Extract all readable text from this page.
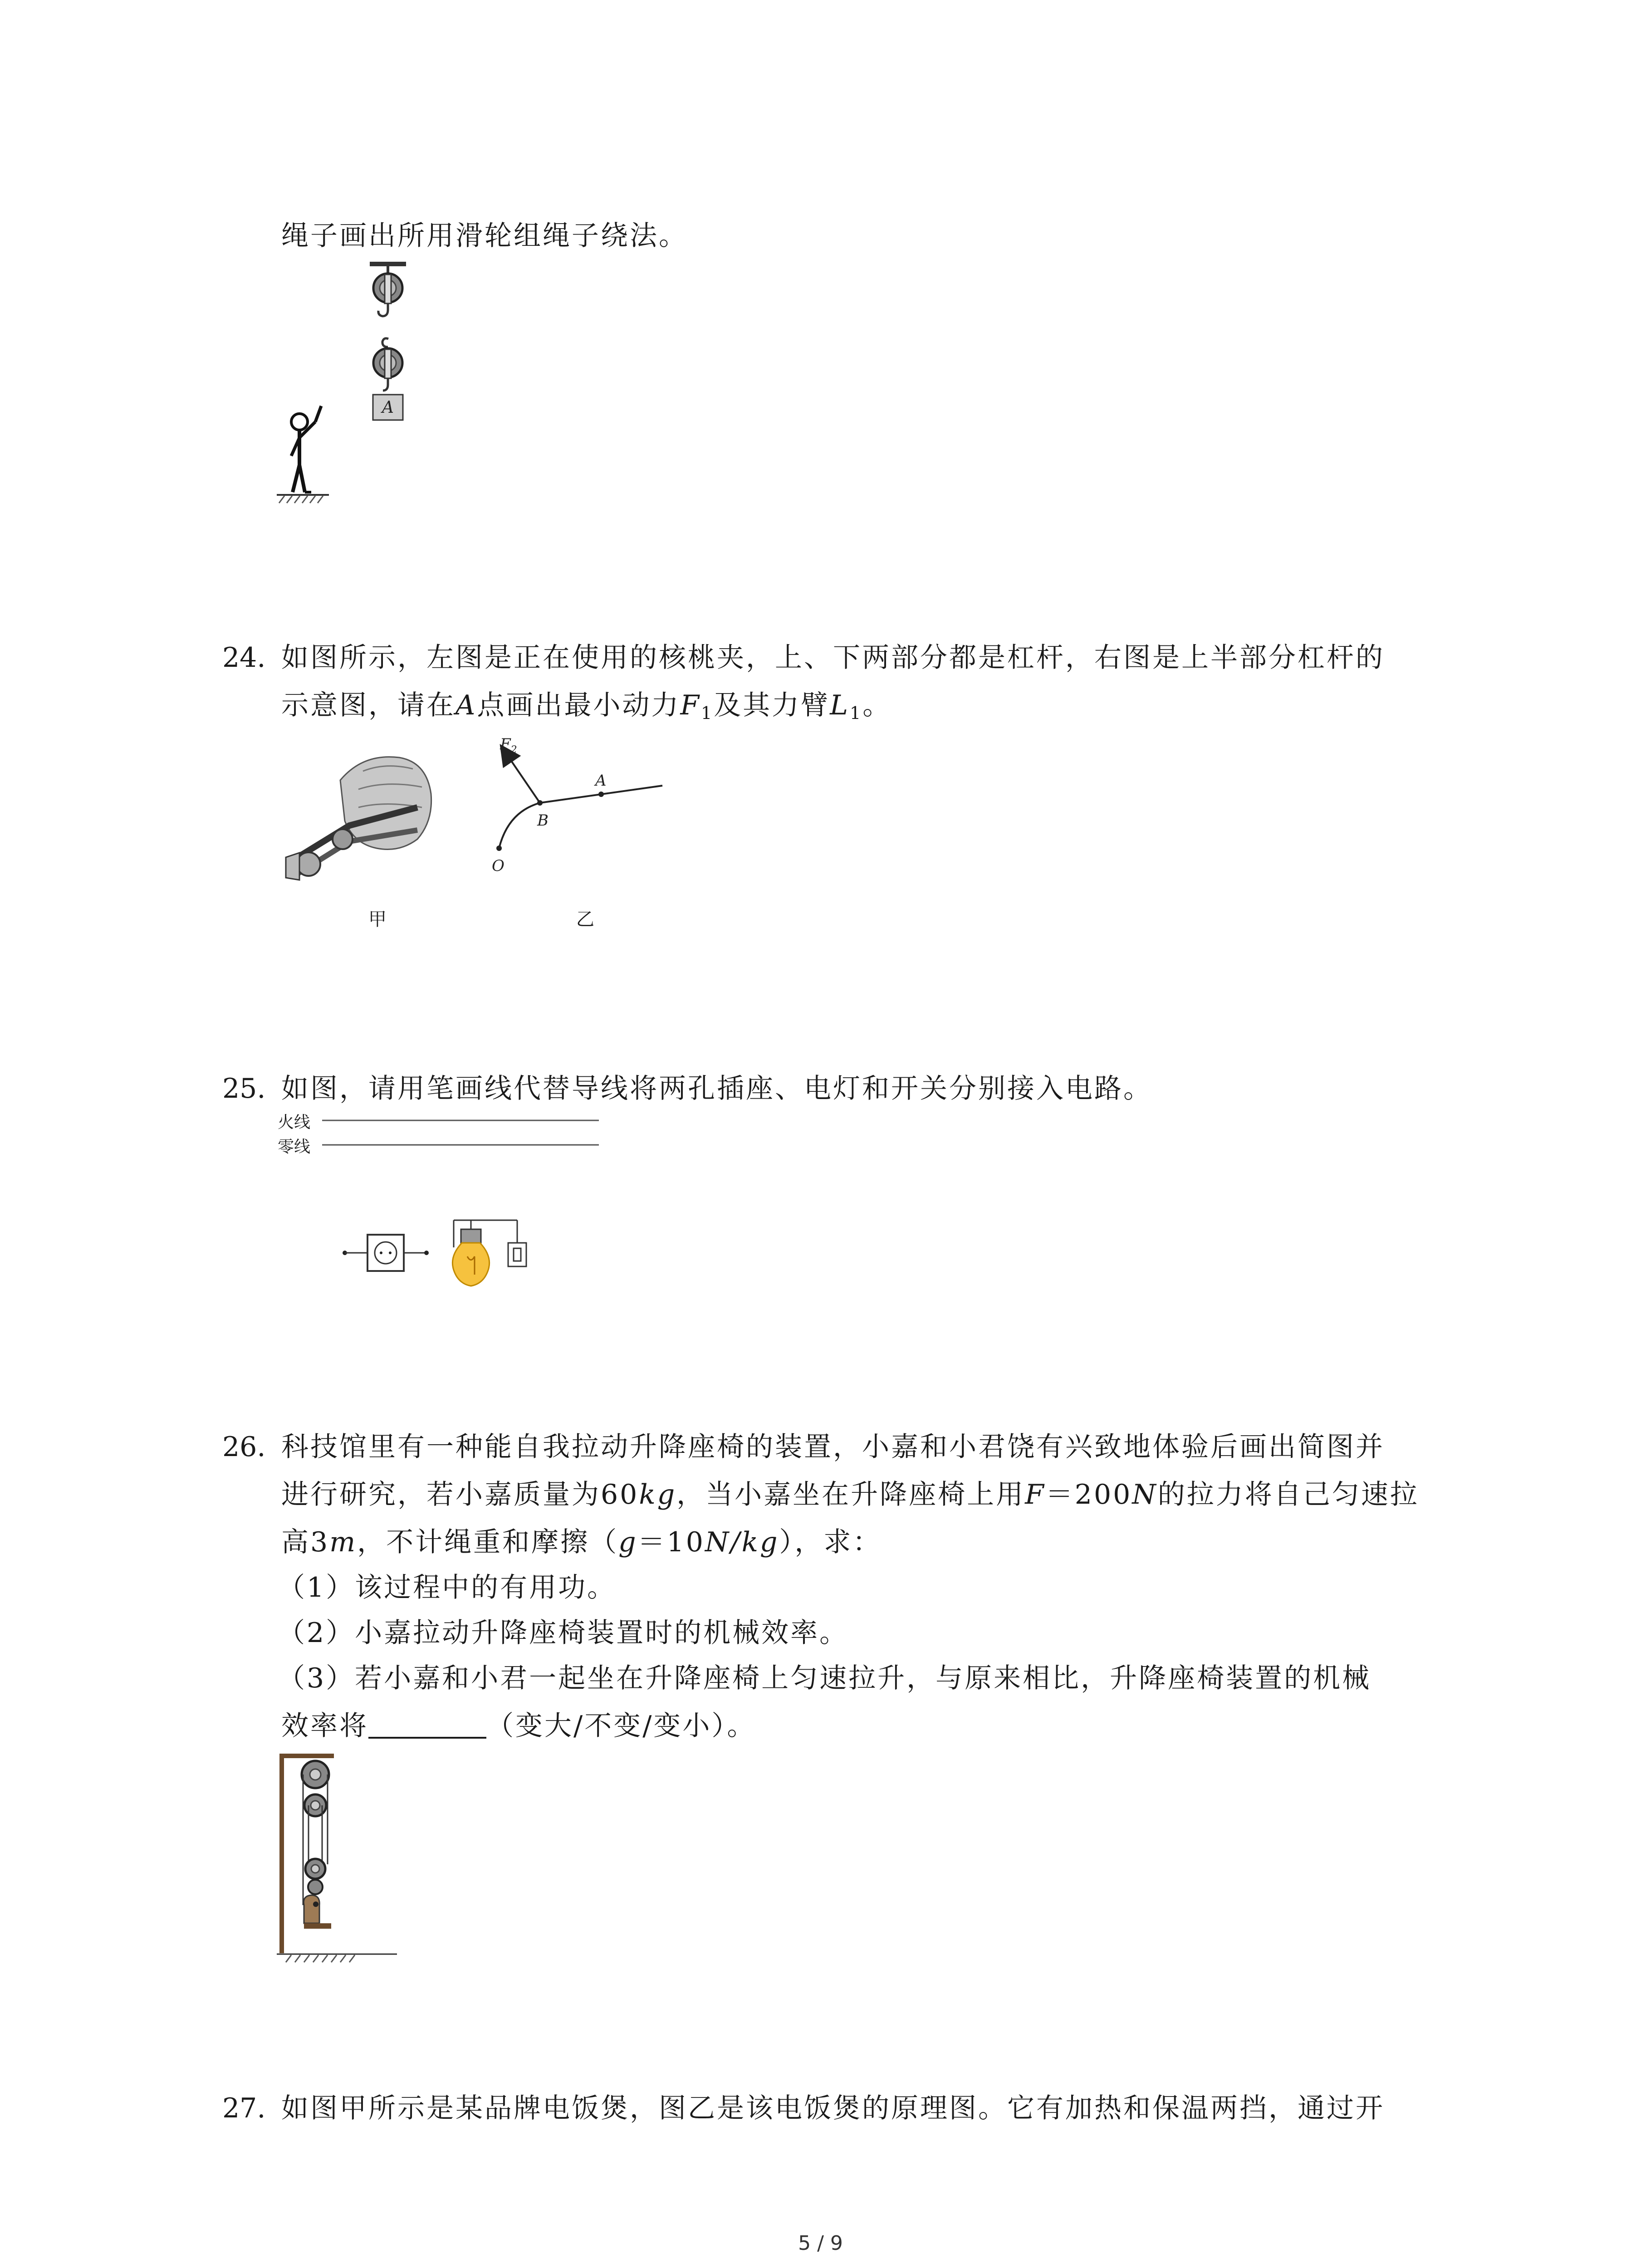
绳子画出所用滑轮组绳子绕法。
A
24. 如图所示，左图是正在使用的核桃夹，上、下两部分都是杠杆，右图是上半部分杠杆的
示意图，请在A点画出最小动力$F_1$及其力臂$L_1$。
甲
$F_2$
A
B
O
乙
25. 如图，请用笔画线代替导线将两孔插座、电灯和开关分别接入电路。
火线
零线
26. 科技馆里有一种能自我拉动升降座椅的装置，小嘉和小君饶有兴致地体验后画出简图并
进行研究，若小嘉质量为60kg，当小嘉坐在升降座椅上用F＝200N的拉力将自己匀速拉
高3m，不计绳重和摩擦（g＝10N/kg），求：
（1）该过程中的有用功。
（2）小嘉拉动升降座椅装置时的机械效率。
（3）若小嘉和小君一起坐在升降座椅上匀速拉升，与原来相比，升降座椅装置的机械
效率将	（变大/不变/变小）。
27. 如图甲所示是某品牌电饭煲，图乙是该电饭煲的原理图。它有加热和保温两挡，通过开
5 / 9
